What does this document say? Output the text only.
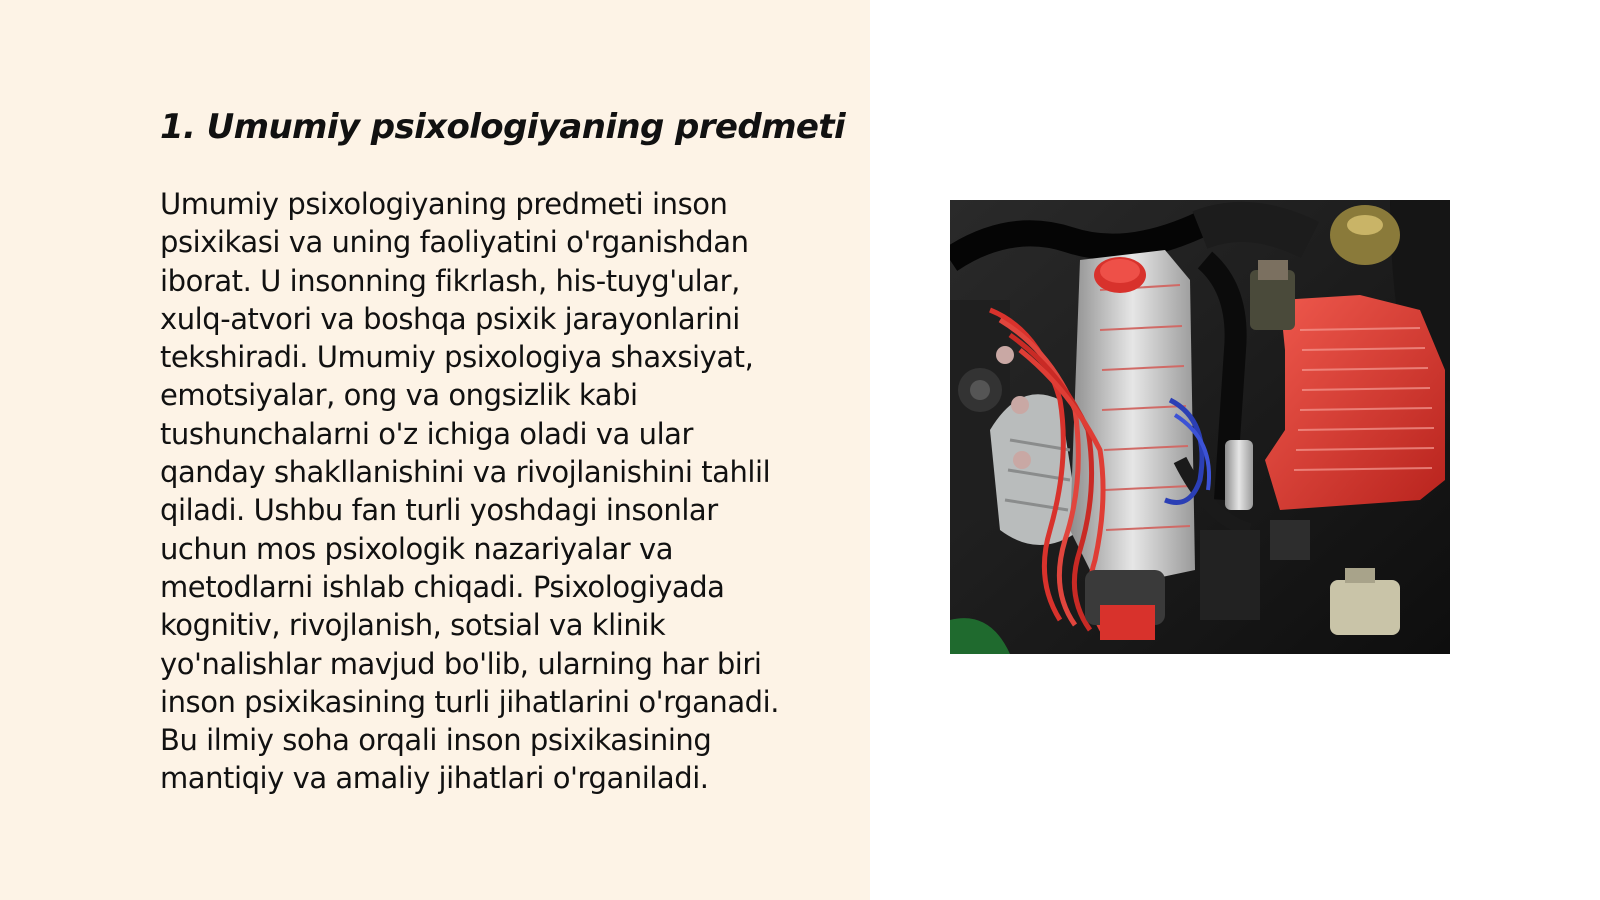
1. Umumiy psixologiyaning predmeti

Umumiy psixologiyaning predmeti inson
psixikasi va uning faoliyatini o'rganishdan
iborat. U insonning fikrlash, his-tuyg'ular,
xulq-atvori va boshqa psixik jarayonlarini
tekshiradi. Umumiy psixologiya shaxsiyat,
emotsiyalar, ong va ongsizlik kabi
tushunchalarni o'z ichiga oladi va ular
qanday shakllanishini va rivojlanishini tahlil
qiladi. Ushbu fan turli yoshdagi insonlar
uchun mos psixologik nazariyalar va
metodlarni ishlab chiqadi. Psixologiyada
kognitiv, rivojlanish, sotsial va klinik
yo'nalishlar mavjud bo'lib, ularning har biri
inson psixikasining turli jihatlarini o'rganadi.
Bu ilmiy soha orqali inson psixikasining
mantiqiy va amaliy jihatlari o'rganiladi.
